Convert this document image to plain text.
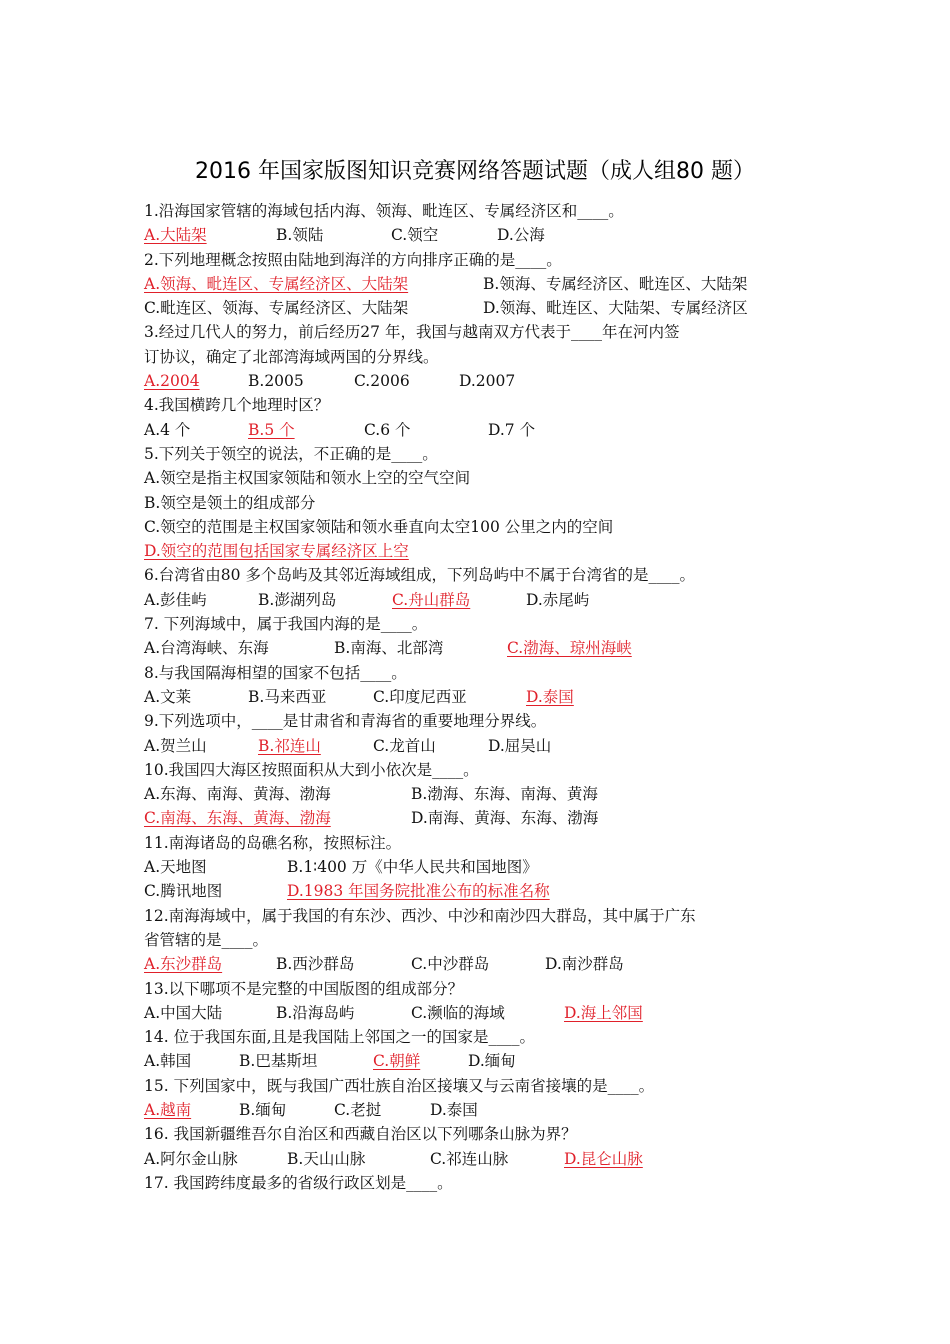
2016 年国家版图知识竞赛网络答题试题（成人组80 题）
1.沿海国家管辖的海域包括内海、领海、毗连区、专属经济区和____。
A.大陆架	B.领陆	C.领空	D.公海
2.下列地理概念按照由陆地到海洋的方向排序正确的是____。
A.领海、毗连区、专属经济区、大陆架	B.领海、专属经济区、毗连区、大陆架
C.毗连区、领海、专属经济区、大陆架	D.领海、毗连区、大陆架、专属经济区
3.经过几代人的努力，前后经历27 年，我国与越南双方代表于____年在河内签
订协议，确定了北部湾海域两国的分界线。
A.2004	B.2005	C.2006	D.2007
4.我国横跨几个地理时区？
A.4 个	B.5 个	C.6 个	D.7 个
5.下列关于领空的说法，不正确的是____。
A.领空是指主权国家领陆和领水上空的空气空间
B.领空是领土的组成部分
C.领空的范围是主权国家领陆和领水垂直向太空100 公里之内的空间
D.领空的范围包括国家专属经济区上空
6.台湾省由80 多个岛屿及其邻近海域组成，下列岛屿中不属于台湾省的是____。
A.彭佳屿	B.澎湖列岛	C.舟山群岛	D.赤尾屿
7. 下列海域中，属于我国内海的是____。
A.台湾海峡、东海	B.南海、北部湾	C.渤海、琼州海峡
8.与我国隔海相望的国家不包括____。
A.文莱	B.马来西亚	C.印度尼西亚	D.泰国
9.下列选项中，____是甘肃省和青海省的重要地理分界线。
A.贺兰山	B.祁连山	C.龙首山	D.屈吴山
10.我国四大海区按照面积从大到小依次是____。
A.东海、南海、黄海、渤海	B.渤海、东海、南海、黄海
C.南海、东海、黄海、渤海	D.南海、黄海、东海、渤海
11.南海诸岛的岛礁名称，按照标注。
A.天地图	B.1∶400 万《中华人民共和国地图》
C.腾讯地图	D.1983 年国务院批准公布的标准名称
12.南海海域中，属于我国的有东沙、西沙、中沙和南沙四大群岛，其中属于广东
省管辖的是____。
A.东沙群岛	B.西沙群岛	C.中沙群岛	D.南沙群岛
13.以下哪项不是完整的中国版图的组成部分？
A.中国大陆	B.沿海岛屿	C.濒临的海域	D.海上邻国
14. 位于我国东面,且是我国陆上邻国之一的国家是____。
A.韩国	B.巴基斯坦	C.朝鲜	D.缅甸
15. 下列国家中，既与我国广西壮族自治区接壤又与云南省接壤的是____。
A.越南	B.缅甸	C.老挝	D.泰国
16. 我国新疆维吾尔自治区和西藏自治区以下列哪条山脉为界？
A.阿尔金山脉	B.天山山脉	C.祁连山脉	D.昆仑山脉
17. 我国跨纬度最多的省级行政区划是____。
